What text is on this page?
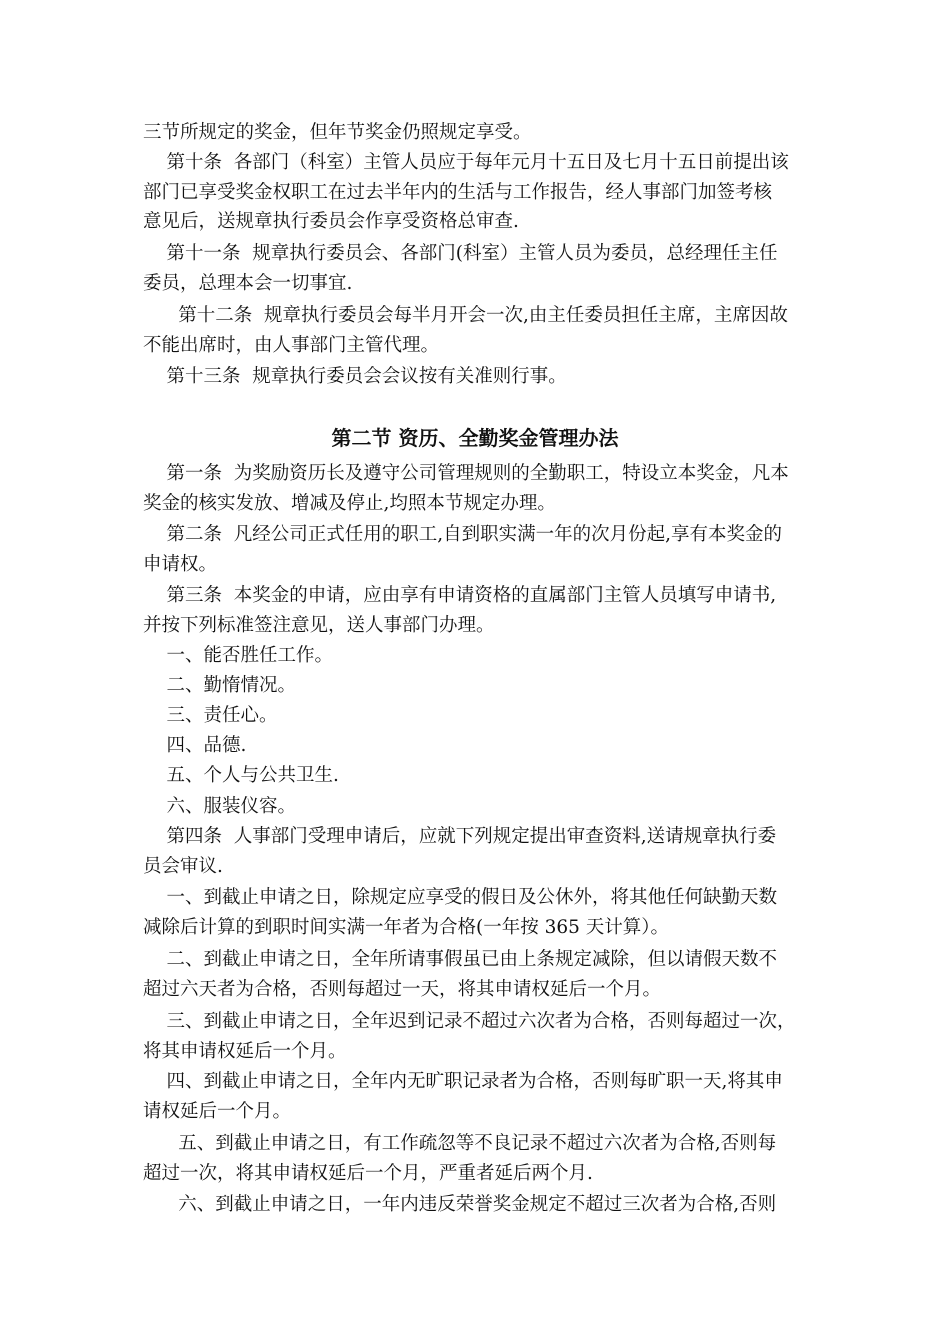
三节所规定的奖金，但年节奖金仍照规定享受。
第十条  各部门（科室）主管人员应于每年元月十五日及七月十五日前提出该
部门已享受奖金权职工在过去半年内的生活与工作报告，经人事部门加签考核
意见后，送规章执行委员会作享受资格总审查.
第十一条  规章执行委员会、各部门(科室）主管人员为委员，总经理任主任
委员，总理本会一切事宜.
第十二条  规章执行委员会每半月开会一次,由主任委员担任主席，主席因故
不能出席时，由人事部门主管代理。
第十三条  规章执行委员会会议按有关准则行事。
第二节 资历、全勤奖金管理办法
第一条  为奖励资历长及遵守公司管理规则的全勤职工，特设立本奖金，凡本
奖金的核实发放、增减及停止,均照本节规定办理。
第二条  凡经公司正式任用的职工,自到职实满一年的次月份起,享有本奖金的
申请权。
第三条  本奖金的申请，应由享有申请资格的直属部门主管人员填写申请书,
并按下列标准签注意见，送人事部门办理。
一、能否胜任工作。
二、勤惰情况。
三、责任心。
四、品德.
五、个人与公共卫生.
六、服装仪容。
第四条  人事部门受理申请后，应就下列规定提出审查资料,送请规章执行委
员会审议.
一、到截止申请之日，除规定应享受的假日及公休外，将其他任何缺勤天数
减除后计算的到职时间实满一年者为合格(一年按 365 天计算）。
二、到截止申请之日，全年所请事假虽已由上条规定减除，但以请假天数不
超过六天者为合格，否则每超过一天，将其申请权延后一个月。
三、到截止申请之日，全年迟到记录不超过六次者为合格，否则每超过一次，
将其申请权延后一个月。
四、到截止申请之日，全年内无旷职记录者为合格，否则每旷职一天,将其申
请权延后一个月。
五、到截止申请之日，有工作疏忽等不良记录不超过六次者为合格,否则每
超过一次，将其申请权延后一个月，严重者延后两个月.
六、到截止申请之日，一年内违反荣誉奖金规定不超过三次者为合格,否则
